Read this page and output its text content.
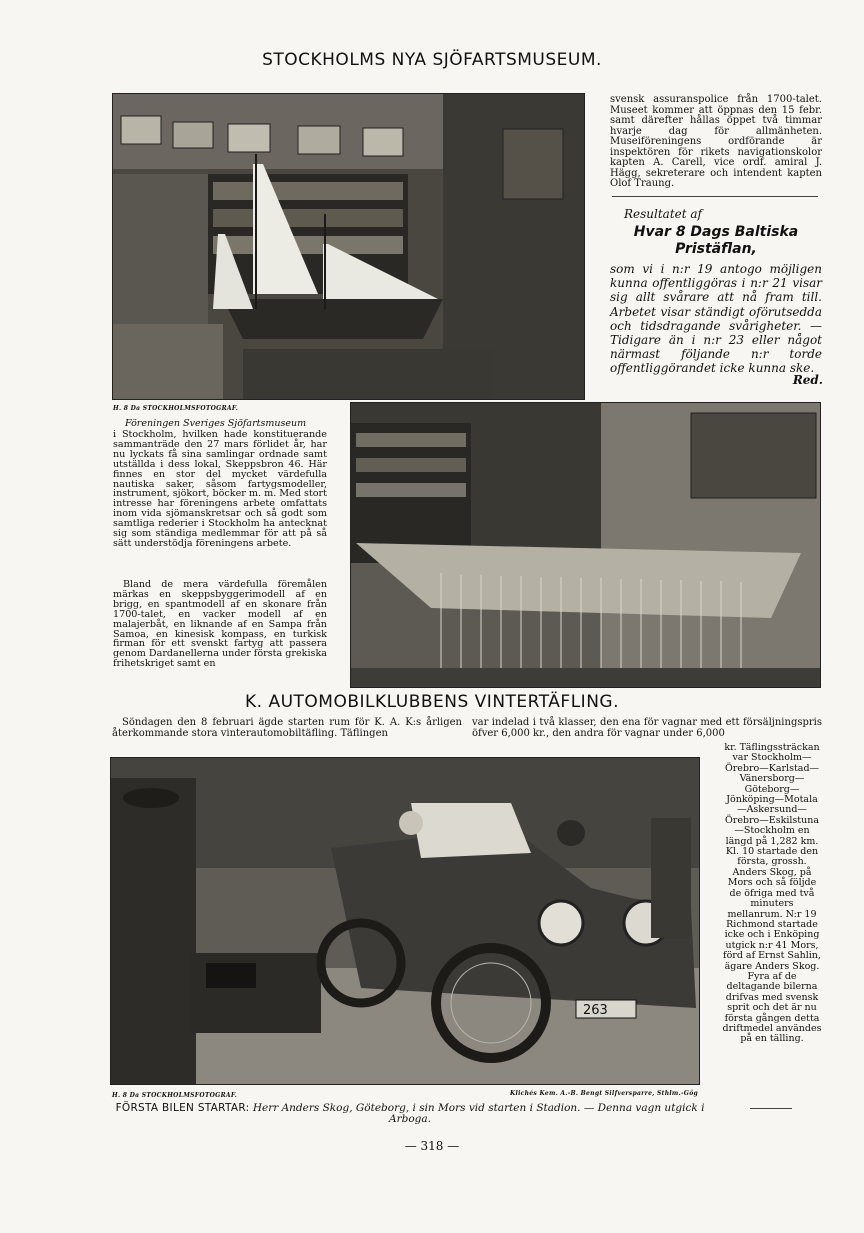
STOCKHOLMS NYA SJÖFARTSMUSEUM.
svensk assuranspolice från 1700-talet. Museet kommer att öppnas den 15 febr. samt därefter hållas öppet två timmar hvarje dag för allmänheten. Museiföreningens ordförande är inspektören för rikets navigationskolor kapten A. Carell, vice ordf. amiral J. Hägg, sekreterare och intendent kapten Olof Traung.
Resultatet af
Hvar 8 Dags Baltiska Pristäflan,
som vi i n:r 19 antogo möjligen kunna offentliggöras i n:r 21 visar sig allt svårare att nå fram till. Arbetet visar ständigt oförutsedda och tidsdragande svårigheter. — Tidigare än i n:r 23 eller något närmast följande n:r torde offentliggörandet icke kunna ske.
Red.
H. 8 Da STOCKHOLMSFOTOGRAF.
Föreningen Sveriges Sjöfartsmuseum
i Stockholm, hvilken hade konstituerande sammanträde den 27 mars förlidet år, har nu lyckats få sina samlingar ordnade samt utställda i dess lokal, Skeppsbron 46. Här finnes en stor del mycket värdefulla nautiska saker, såsom fartygsmodeller, instrument, sjökort, böcker m. m. Med stort intresse har föreningens arbete omfattats inom vida sjömanskretsar och så godt som samtliga rederier i Stockholm ha antecknat sig som ständiga medlemmar för att på så sätt understödja föreningens arbete.
Bland de mera värdefulla föremålen märkas en skeppsbyggerimodell af en brigg, en spantmodell af en skonare från 1700-talet, en vacker modell af en malajerbåt, en liknande af en Sampa från Samoa, en kinesisk kompass, en turkisk firman för ett svenskt fartyg att passera genom Dardanellerna under första grekiska frihetskriget samt en
K. AUTOMOBILKLUBBENS VINTERTÄFLING.
Söndagen den 8 februari ägde starten rum för K. A. K:s årligen återkommande stora vinterautomobiltäfling. Täflingen
var indelad i två klasser, den ena för vagnar med ett försäljningspris öfver 6,000 kr., den andra för vagnar under 6,000
263
kr. Täflingssträckan var Stockholm—Örebro—Karlstad—Vänersborg—Göteborg—Jönköping—Motala—Askersund—Örebro—Eskilstuna—Stockholm en längd på 1,282 km. Kl. 10 startade den första, grossh. Anders Skog, på Mors och så följde de öfriga med två minuters mellanrum. N:r 19 Richmond startade icke och i Enköping utgick n:r 41 Mors, förd af Ernst Sahlin, ägare Anders Skog. Fyra af de deltagande bilerna drifvas med svensk sprit och det är nu första gången detta driftmedel användes på en tälling.
H. 8 Da STOCKHOLMSFOTOGRAF.	Klichés Kem. A.-B. Bengt Silfversparre, Sthlm.-Gög
FÖRSTA BILEN STARTAR: Herr Anders Skog, Göteborg, i sin Mors vid starten i Stadion. — Denna vagn utgick i Arboga.
— 318 —
